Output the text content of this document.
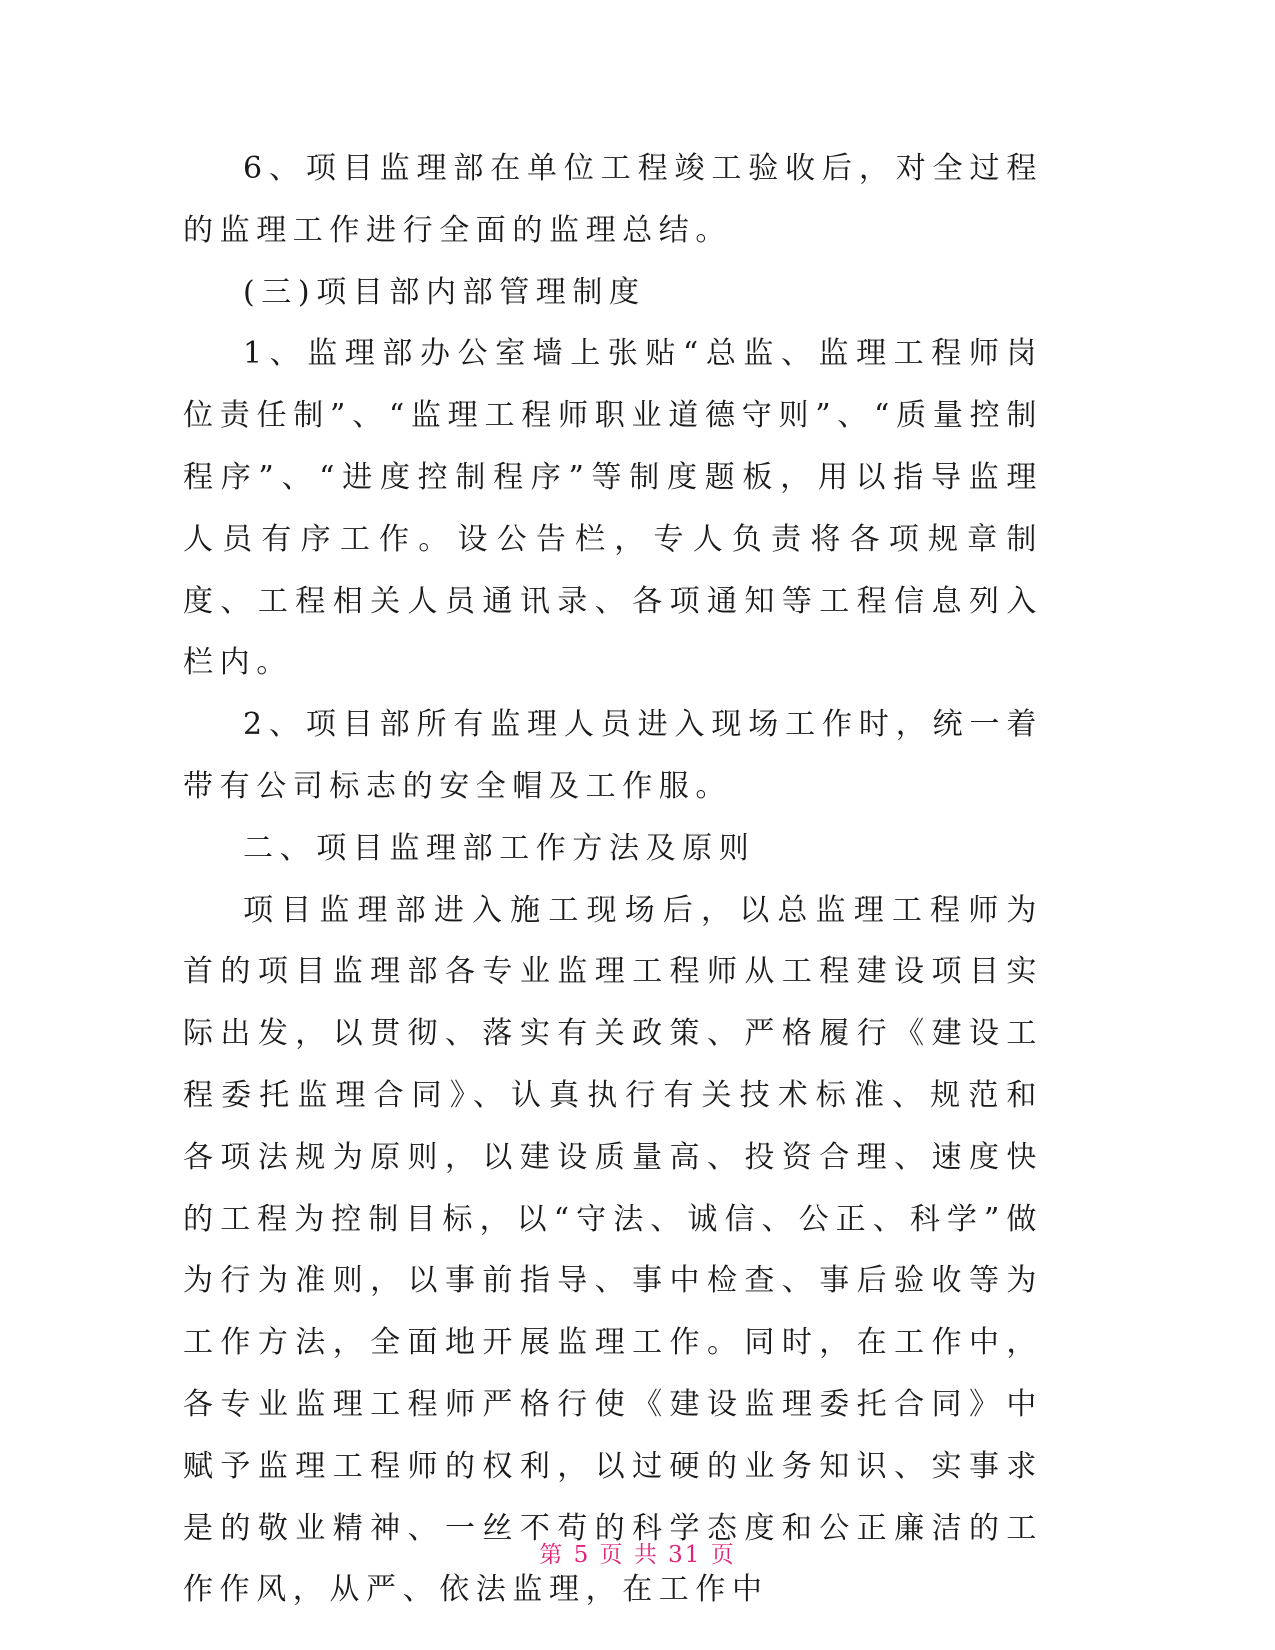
6、项目监理部在单位工程竣工验收后，对全过程的监理工作进行全面的监理总结。

(三)项目部内部管理制度

1、监理部办公室墙上张贴“总监、监理工程师岗位责任制”、“监理工程师职业道德守则”、“质量控制程序”、“进度控制程序”等制度题板，用以指导监理人员有序工作。设公告栏，专人负责将各项规章制度、工程相关人员通讯录、各项通知等工程信息列入栏内。

2、项目部所有监理人员进入现场工作时，统一着带有公司标志的安全帽及工作服。

二、项目监理部工作方法及原则

项目监理部进入施工现场后，以总监理工程师为首的项目监理部各专业监理工程师从工程建设项目实际出发，以贯彻、落实有关政策、严格履行《建设工程委托监理合同》、认真执行有关技术标准、规范和各项法规为原则，以建设质量高、投资合理、速度快的工程为控制目标，以“守法、诚信、公正、科学”做为行为准则，以事前指导、事中检查、事后验收等为工作方法，全面地开展监理工作。同时，在工作中，各专业监理工程师严格行使《建设监理委托合同》中赋予监理工程师的权利，以过硬的业务知识、实事求是的敬业精神、一丝不苟的科学态度和公正廉洁的工作作风，从严、依法监理，在工作中

第 5 页 共 31 页
